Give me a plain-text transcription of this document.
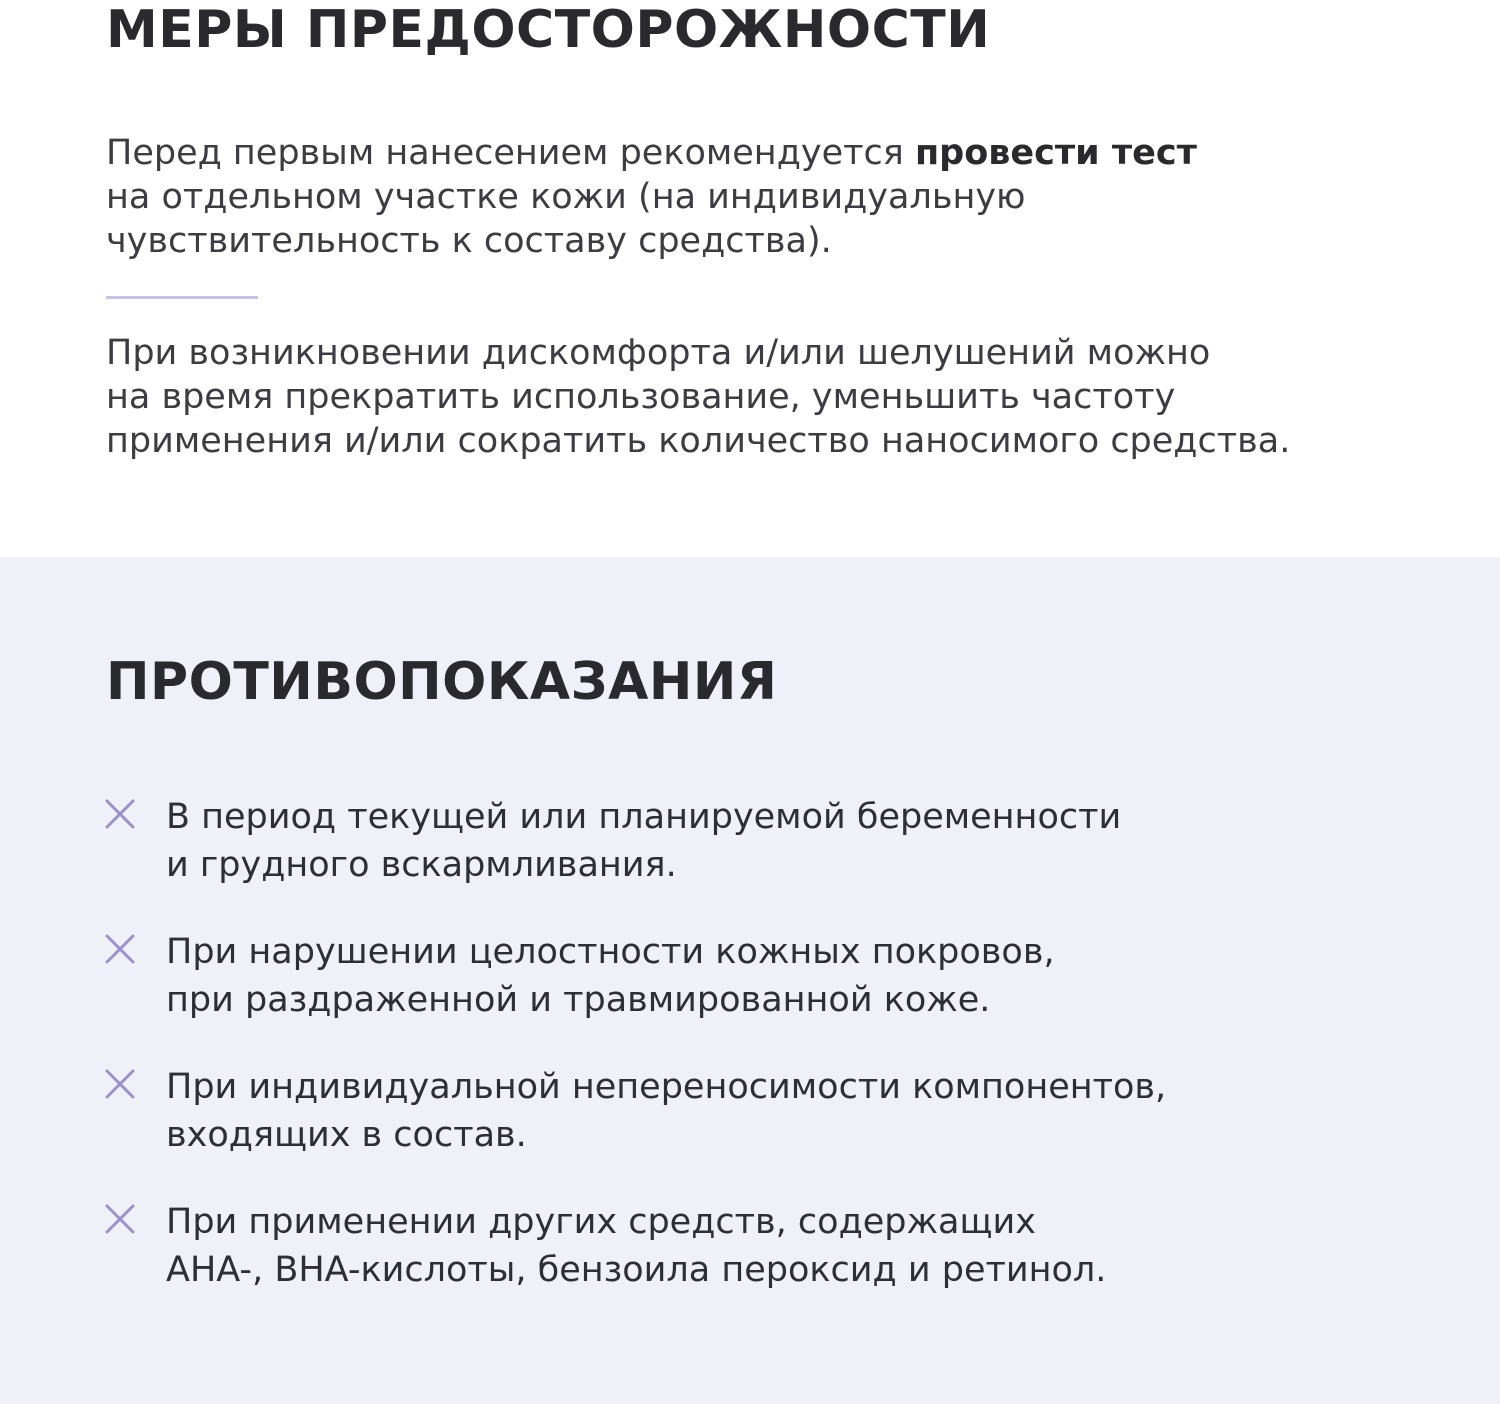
МЕРЫ ПРЕДОСТОРОЖНОСТИ
Перед первым нанесением рекомендуется провести тест
на отдельном участке кожи (на индивидуальную
чувствительность к составу средства).
При возникновении дискомфорта и/или шелушений можно
на время прекратить использование, уменьшить частоту
применения и/или сократить количество наносимого средства.
ПРОТИВОПОКАЗАНИЯ
В период текущей или планируемой беременности
и грудного вскармливания.
При нарушении целостности кожных покровов,
при раздраженной и травмированной коже.
При индивидуальной непереносимости компонентов,
входящих в состав.
При применении других средств, содержащих
AHA-, BHA-кислоты, бензоила пероксид и ретинол.
